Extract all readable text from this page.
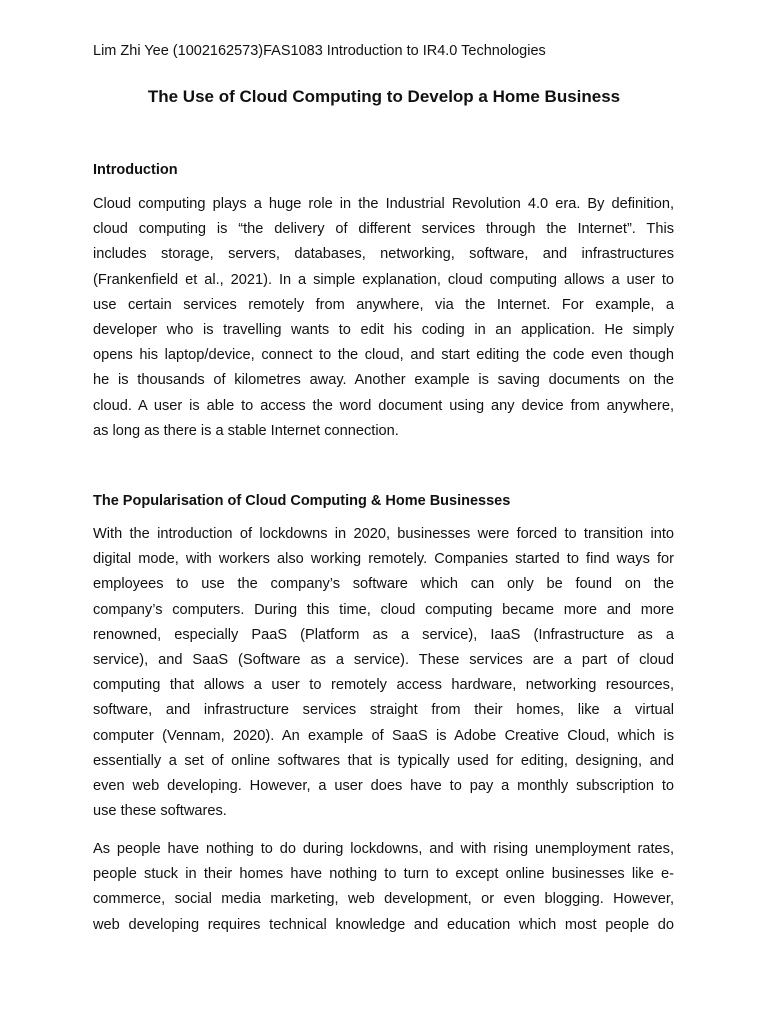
Lim Zhi Yee (1002162573)FAS1083 Introduction to IR4.0 Technologies
The Use of Cloud Computing to Develop a Home Business
Introduction
Cloud computing plays a huge role in the Industrial Revolution 4.0 era. By definition,
cloud computing is “the delivery of different services through the Internet”. This
includes storage, servers, databases, networking, software, and infrastructures
(Frankenfield et al., 2021). In a simple explanation, cloud computing allows a user to
use certain services remotely from anywhere, via the Internet. For example, a
developer who is travelling wants to edit his coding in an application. He simply
opens his laptop/device, connect to the cloud, and start editing the code even though
he is thousands of kilometres away. Another example is saving documents on the
cloud. A user is able to access the word document using any device from anywhere,
as long as there is a stable Internet connection.
The Popularisation of Cloud Computing & Home Businesses
With the introduction of lockdowns in 2020, businesses were forced to transition into
digital mode, with workers also working remotely. Companies started to find ways for
employees to use the company’s software which can only be found on the
company’s computers. During this time, cloud computing became more and more
renowned, especially PaaS (Platform as a service), IaaS (Infrastructure as a
service), and SaaS (Software as a service). These services are a part of cloud
computing that allows a user to remotely access hardware, networking resources,
software, and infrastructure services straight from their homes, like a virtual
computer (Vennam, 2020). An example of SaaS is Adobe Creative Cloud, which is
essentially a set of online softwares that is typically used for editing, designing, and
even web developing. However, a user does have to pay a monthly subscription to
use these softwares.
As people have nothing to do during lockdowns, and with rising unemployment rates,
people stuck in their homes have nothing to turn to except online businesses like e-
commerce, social media marketing, web development, or even blogging. However,
web developing requires technical knowledge and education which most people do
